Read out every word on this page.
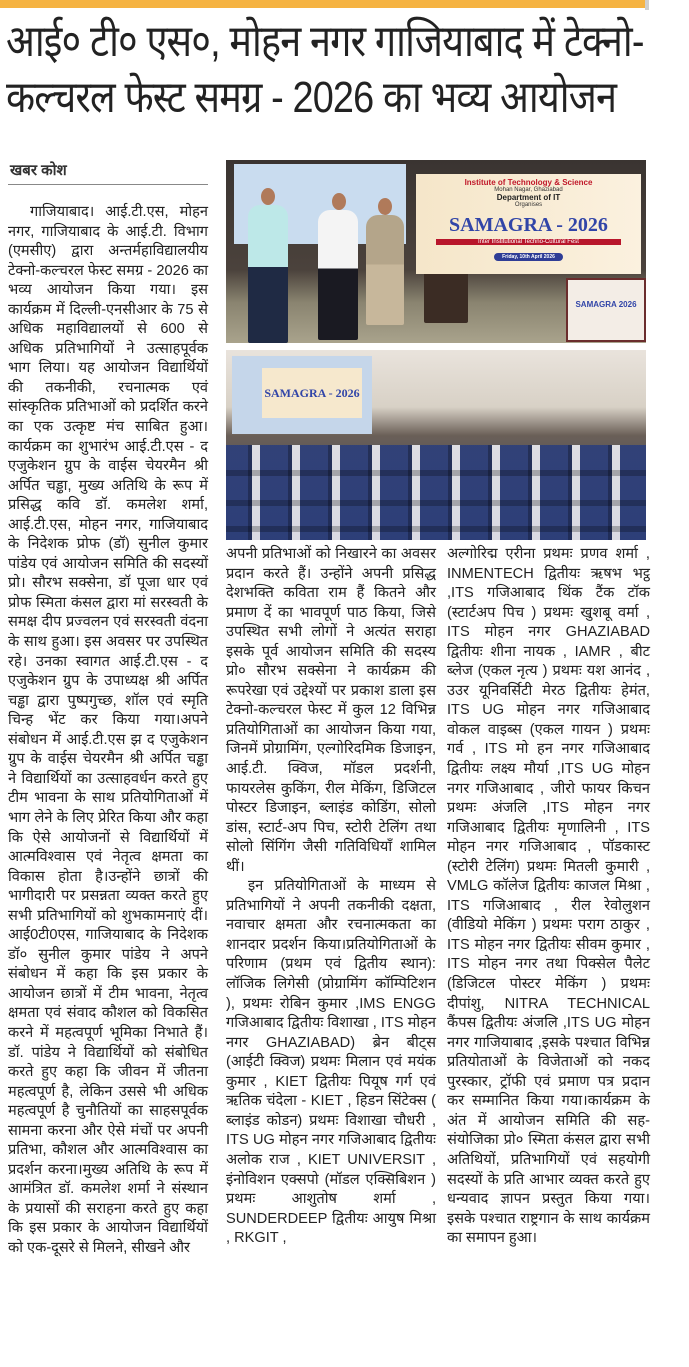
आई० टी० एस०, मोहन नगर गाजियाबाद में टेक्नो-
कल्चरल फेस्ट समग्र - 2026 का भव्य आयोजन
खबर कोश

गाजियाबाद। आई.टी.एस, मोहन नगर, गाजियाबाद के आई.टी. विभाग (एमसीए) द्वारा अन्तर्महाविद्यालयीय टेक्नो-कल्चरल फेस्ट समग्र - 2026 का भव्य आयोजन किया गया। इस कार्यक्रम में दिल्ली-एनसीआर के 75 से अधिक महाविद्यालयों से 600 से अधिक प्रतिभागियों ने उत्साहपूर्वक भाग लिया। यह आयोजन विद्यार्थियों की तकनीकी, रचनात्मक एवं सांस्कृतिक प्रतिभाओं को प्रदर्शित करने का एक उत्कृष्ट मंच साबित हुआ।कार्यक्रम का शुभारंभ आई.टी.एस - द एजुकेशन ग्रुप के वाईस चेयरमैन श्री अर्पित चड्ढा, मुख्य अतिथि के रूप में प्रसिद्ध कवि डॉ. कमलेश शर्मा, आई.टी.एस, मोहन नगर, गाजियाबाद के निदेशक प्रोफ (डॉ) सुनील कुमार पांडेय एवं आयोजन समिति की सदस्यों प्रो। सौरभ सक्सेना, डॉ पूजा धार एवं प्रोफ स्मिता कंसल द्वारा मां सरस्वती के समक्ष दीप प्रज्वलन एवं सरस्वती वंदना के साथ हुआ। इस अवसर पर उपस्थित रहे। उनका स्वागत आई.टी.एस - द एजुकेशन ग्रुप के उपाध्यक्ष श्री अर्पित चड्ढा द्वारा पुष्पगुच्छ, शॉल एवं स्मृति चिन्ह भेंट कर किया गया।अपने संबोधन में आई.टी.एस झ द एजुकेशन ग्रुप के वाईस चेयरमैन श्री अर्पित चड्ढा ने विद्यार्थियों का उत्साहवर्धन करते हुए टीम भावना के साथ प्रतियोगिताओं में भाग लेने के लिए प्रेरित किया और कहा कि ऐसे आयोजनों से विद्यार्थियों में आत्मविश्वास एवं नेतृत्व क्षमता का विकास होता है।उन्होंने छात्रों की भागीदारी पर प्रसन्नता व्यक्त करते हुए सभी प्रतिभागियों को शुभकामनाएं दीं।आई0टी0एस, गाजियाबाद के निदेशक डॉ० सुनील कुमार पांडेय ने अपने संबोधन में कहा कि इस प्रकार के आयोजन छात्रों में टीम भावना, नेतृत्व क्षमता एवं संवाद कौशल को विकसित करने में महत्वपूर्ण भूमिका निभाते हैं। डॉ. पांडेय ने विद्यार्थियों को संबोधित करते हुए कहा कि जीवन में जीतना महत्वपूर्ण है, लेकिन उससे भी अधिक महत्वपूर्ण है चुनौतियों का साहसपूर्वक सामना करना और ऐसे मंचों पर अपनी प्रतिभा, कौशल और आत्मविश्वास का प्रदर्शन करना।मुख्य अतिथि के रूप में आमंत्रित डॉ. कमलेश शर्मा ने संस्थान के प्रयासों की सराहना करते हुए कहा कि इस प्रकार के आयोजन विद्यार्थियों को एक-दूसरे से मिलने, सीखने और

Institute of Technology & Science
Mohan Nagar, Ghaziabad
Department of IT
Organises
SAMAGRA - 2026
Inter Institutional Techno-Cultural Fest
Friday, 10th April 2026
SAMAGRA 2026
SAMAGRA - 2026

अपनी प्रतिभाओं को निखारने का अवसर प्रदान करते हैं। उन्होंने अपनी प्रसिद्ध देशभक्ति कविता राम हैं कितने और प्रमाण दें का भावपूर्ण पाठ किया, जिसे उपस्थित सभी लोगों ने अत्यंत सराहा इसके पूर्व आयोजन समिति की सदस्य प्रो० सौरभ सक्सेना ने कार्यक्रम की रूपरेखा एवं उद्देश्यों पर प्रकाश डाला इस टेक्नो-कल्चरल फेस्ट में कुल 12 विभिन्न प्रतियोगिताओं का आयोजन किया गया, जिनमें प्रोग्रामिंग, एल्गोरिदमिक डिजाइन, आई.टी. क्विज, मॉडल प्रदर्शनी, फायरलेस कुकिंग, रील मेकिंग, डिजिटल पोस्टर डिजाइन, ब्लाइंड कोडिंग, सोलो डांस, स्टार्ट-अप पिच, स्टोरी टेलिंग तथा सोलो सिंगिंग जैसी गतिविधियाँ शामिल थीं।

इन प्रतियोगिताओं के माध्यम से प्रतिभागियों ने अपनी तकनीकी दक्षता, नवाचार क्षमता और रचनात्मकता का शानदार प्रदर्शन किया।प्रतियोगिताओं के परिणाम (प्रथम एवं द्वितीय स्थान): लॉजिक लिगेसी (प्रोग्रामिंग कॉम्पिटिशन ), प्रथमः रोबिन कुमार ,IMS ENGG गजिआबाद द्वितीयः विशाखा , ITS मोहन नगर GHAZIABAD) ब्रेन बीट्स (आईटी क्विज) प्रथमः मिलान एवं मयंक कुमार , KIET द्वितीयः पियूष गर्ग एवं ऋतिक चंदेला - KIET , हिडन सिंटेक्स ( ब्लाइंड कोडन) प्रथमः विशाखा चौधरी , ITS UG मोहन नगर गजिआबाद द्वितीयः अलोक राज , KIET UNIVERSIT , इंनोविशन एक्सपो (मॉडल एक्सिबिशन ) प्रथमः आशुतोष शर्मा , SUNDERDEEP द्वितीयः आयुष मिश्रा , RKGIT ,

अल्गोरिद्म एरीना प्रथमः प्रणव शर्मा , INMENTECH द्वितीयः ऋषभ भट्ठ ,ITS गजिआबाद थिंक टैंक टॉक (स्टार्टअप पिच ) प्रथमः खुशबू वर्मा , ITS मोहन नगर GHAZIABAD द्वितीयः शीना नायक , IAMR , बीट ब्लेज (एकल नृत्य ) प्रथमः यश आनंद , उउर यूनिवर्सिटी मेरठ द्वितीयः हेमंत, ITS UG मोहन नगर गजिआबाद वोकल वाइब्स (एकल गायन ) प्रथमः गर्व , ITS मो हन नगर गजिआबाद द्वितीयः लक्ष्य मौर्या ,ITS UG मोहन नगर गजिआबाद , जीरो फायर किचन प्रथमः अंजलि ,ITS मोहन नगर गजिआबाद द्वितीयः मृणालिनी , ITS मोहन नगर गजिआबाद , पॉडकास्ट (स्टोरी टेलिंग) प्रथमः मितली कुमारी , VMLG कॉलेज द्वितीयः काजल मिश्रा , ITS गजिआबाद , रील रेवोलुशन (वीडियो मेकिंग ) प्रथमः पराग ठाकुर , ITS मोहन नगर द्वितीयः सीवम कुमार , ITS मोहन नगर तथा पिक्सेल पैलेट (डिजिटल पोस्टर मेकिंग ) प्रथमः दीपांशु, NITRA TECHNICAL कैंपस द्वितीयः अंजलि ,ITS UG मोहन नगर गाजियाबाद ,इसके पश्चात विभिन्न प्रतियोताओं के विजेताओं को नकद पुरस्कार, ट्रॉफी एवं प्रमाण पत्र प्रदान कर सम्मानित किया गया।कार्यक्रम के अंत में आयोजन समिति की सह-संयोजिका प्रो० स्मिता कंसल द्वारा सभी अतिथियों, प्रतिभागियों एवं सहयोगी सदस्यों के प्रति आभार व्यक्त करते हुए धन्यवाद ज्ञापन प्रस्तुत किया गया। इसके पश्चात राष्ट्रगान के साथ कार्यक्रम का समापन हुआ।
